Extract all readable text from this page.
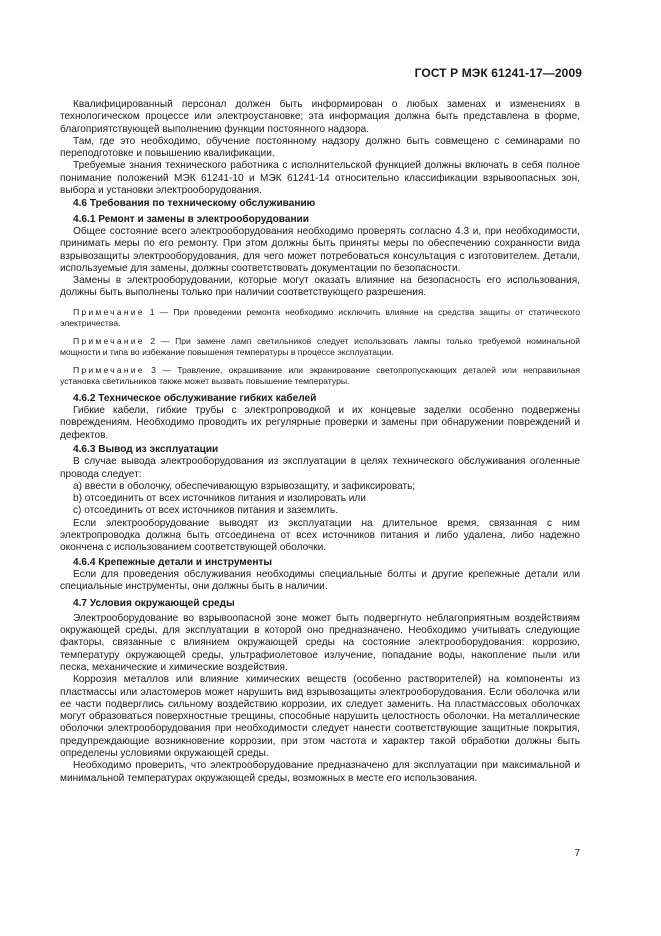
ГОСТ Р МЭК 61241-17—2009

Квалифицированный персонал должен быть информирован о любых заменах и изменениях в технологическом процессе или электроустановке; эта информация должна быть представлена в форме, благоприятствующей выполнению функции постоянного надзора.

Там, где это необходимо, обучение постоянному надзору должно быть совмещено с семинарами по переподготовке и повышению квалификации.

Требуемые знания технического работника с исполнительской функцией должны включать в себя полное понимание положений МЭК 61241-10 и МЭК 61241-14 относительно классификации взрывоопасных зон, выбора и установки электрооборудования.

4.6 Требования по техническому обслуживанию
4.6.1 Ремонт и замены в электрооборудовании

Общее состояние всего электрооборудования необходимо проверять согласно 4.3 и, при необходимости, принимать меры по его ремонту. При этом должны быть приняты меры по обеспечению сохранности вида взрывозащиты электрооборудования, для чего может потребоваться консультация с изготовителем. Детали, используемые для замены, должны соответствовать документации по безопасности.

Замены в электрооборудовании, которые могут оказать влияние на безопасность его использования, должны быть выполнены только при наличии соответствующего разрешения.

Примечание 1 — При проведении ремонта необходимо исключить влияние на средства защиты от статического электричества.

Примечание 2 — При замене ламп светильников следует использовать лампы только требуемой номинальной мощности и типа во избежание повышения температуры в процессе эксплуатации.

Примечание 3 — Травление, окрашивание или экранирование светопропускающих деталей или неправильная установка светильников также может вызвать повышение температуры.

4.6.2 Техническое обслуживание гибких кабелей

Гибкие кабели, гибкие трубы с электропроводкой и их концевые заделки особенно подвержены повреждениям. Необходимо проводить их регулярные проверки и замены при обнаружении повреждений и дефектов.

4.6.3 Вывод из эксплуатации

В случае вывода электрооборудования из эксплуатации в целях технического обслуживания оголенные провода следует:

a) ввести в оболочку, обеспечивающую взрывозащиту, и зафиксировать;

b) отсоединить от всех источников питания и изолировать или

c) отсоединить от всех источников питания и заземлить.

Если электрооборудование выводят из эксплуатации на длительное время, связанная с ним электропроводка должна быть отсоединена от всех источников питания и либо удалена, либо надежно окончена с использованием соответствующей оболочки.

4.6.4 Крепежные детали и инструменты

Если для проведения обслуживания необходимы специальные болты и другие крепежные детали или специальные инструменты, они должны быть в наличии.

4.7 Условия окружающей среды

Электрооборудование во взрывоопасной зоне может быть подвергнуто неблагоприятным воздействиям окружающей среды, для эксплуатации в которой оно предназначено. Необходимо учитывать следующие факторы, связанные с влиянием окружающей среды на состояние электрооборудования: коррозию, температуру окружающей среды, ультрафиолетовое излучение, попадание воды, накопление пыли или песка, механические и химические воздействия.

Коррозия металлов или влияние химических веществ (особенно растворителей) на компоненты из пластмассы или эластомеров может нарушить вид взрывозащиты электрооборудования. Если оболочка или ее части подверглись сильному воздействию коррозии, их следует заменить. На пластмассовых оболочках могут образоваться поверхностные трещины, способные нарушить целостность оболочки. На металлические оболочки электрооборудования при необходимости следует нанести соответствующие защитные покрытия, предупреждающие возникновение коррозии, при этом частота и характер такой обработки должны быть определены условиями окружающей среды.

Необходимо проверить, что электрооборудование предназначено для эксплуатации при максимальной и минимальной температурах окружающей среды, возможных в месте его использования.

7
